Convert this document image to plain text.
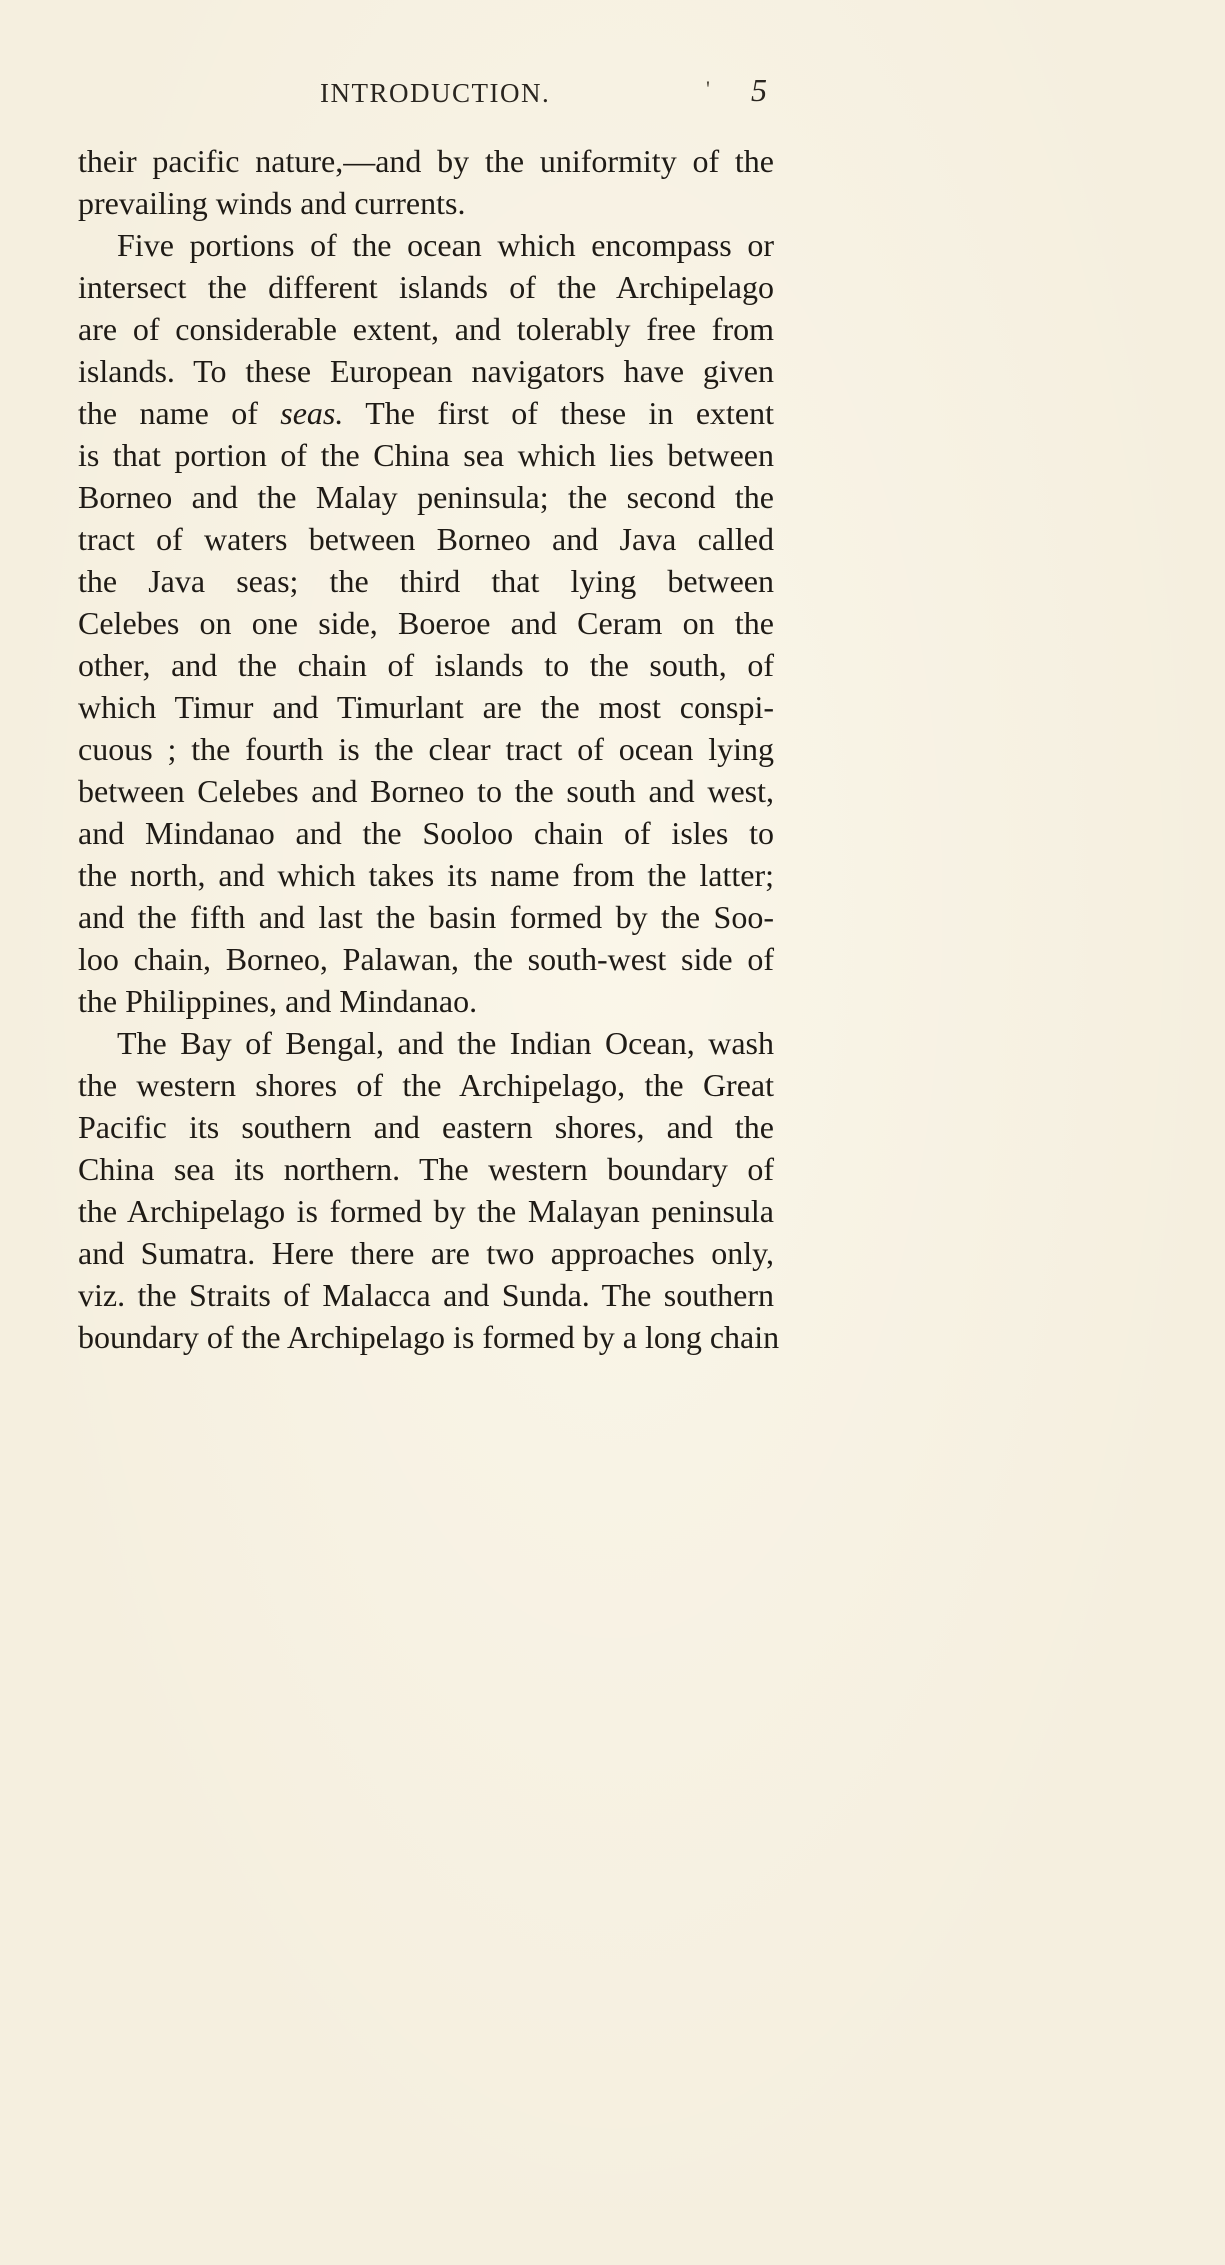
INTRODUCTION.	' 5
their pacific nature,—and by the uniformity of the
prevailing winds and currents.
Five portions of the ocean which encompass or
intersect the different islands of the Archipelago
are of considerable extent, and tolerably free from
islands. To these European navigators have given
the name of seas. The first of these in extent
is that portion of the China sea which lies between
Borneo and the Malay peninsula; the second the
tract of waters between Borneo and Java called
the Java seas; the third that lying between
Celebes on one side, Boeroe and Ceram on the
other, and the chain of islands to the south, of
which Timur and Timurlant are the most conspi-
cuous ; the fourth is the clear tract of ocean lying
between Celebes and Borneo to the south and west,
and Mindanao and the Sooloo chain of isles to
the north, and which takes its name from the latter;
and the fifth and last the basin formed by the Soo-
loo chain, Borneo, Palawan, the south-west side of
the Philippines, and Mindanao.
The Bay of Bengal, and the Indian Ocean, wash
the western shores of the Archipelago, the Great
Pacific its southern and eastern shores, and the
China sea its northern. The western boundary of
the Archipelago is formed by the Malayan peninsula
and Sumatra. Here there are two approaches only,
viz. the Straits of Malacca and Sunda. The southern
boundary of the Archipelago is formed by a long chain
